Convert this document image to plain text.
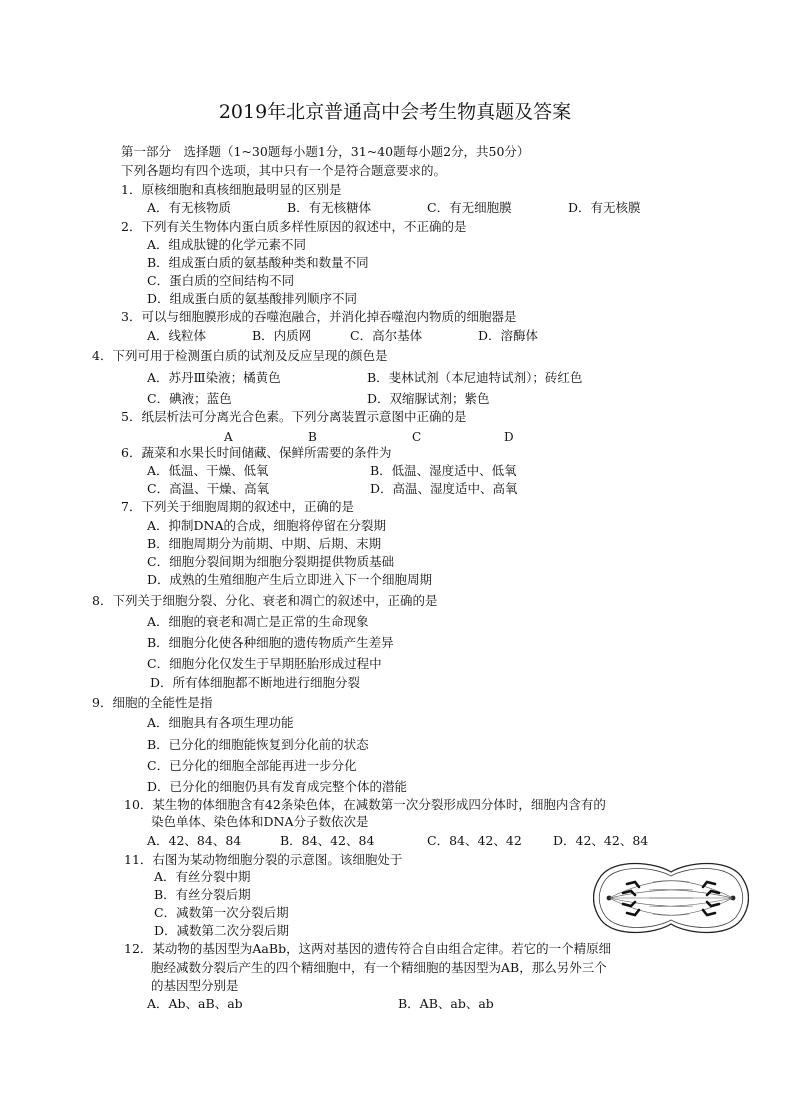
2019年北京普通高中会考生物真题及答案
第一部分　选择题（1~30题每小题1分，31~40题每小题2分，共50分）
下列各题均有四个选项，其中只有一个是符合题意要求的。
1．原核细胞和真核细胞最明显的区别是
A．有无核物质	B．有无核糖体	C．有无细胞膜	D．有无核膜
2．下列有关生物体内蛋白质多样性原因的叙述中，不正确的是
A．组成肽键的化学元素不同
B．组成蛋白质的氨基酸种类和数量不同
C．蛋白质的空间结构不同
D．组成蛋白质的氨基酸排列顺序不同
3．可以与细胞膜形成的吞噬泡融合，并消化掉吞噬泡内物质的细胞器是
A．线粒体	B．内质网	C．高尔基体	D．溶酶体
4．下列可用于检测蛋白质的试剂及反应呈现的颜色是
A．苏丹Ⅲ染液；橘黄色	B．斐林试剂（本尼迪特试剂）；砖红色
C．碘液；蓝色	D．双缩脲试剂；紫色
5．纸层析法可分离光合色素。下列分离装置示意图中正确的是
A	B	C	D
6．蔬菜和水果长时间储藏、保鲜所需要的条件为
A．低温、干燥、低氧	B．低温、湿度适中、低氧
C．高温、干燥、高氧	D．高温、湿度适中、高氧
7．下列关于细胞周期的叙述中，正确的是
A．抑制DNA的合成，细胞将停留在分裂期
B．细胞周期分为前期、中期、后期、末期
C．细胞分裂间期为细胞分裂期提供物质基础
D．成熟的生殖细胞产生后立即进入下一个细胞周期
8．下列关于细胞分裂、分化、衰老和凋亡的叙述中，正确的是
A．细胞的衰老和凋亡是正常的生命现象
B．细胞分化使各种细胞的遗传物质产生差异
C．细胞分化仅发生于早期胚胎形成过程中
D．所有体细胞都不断地进行细胞分裂
9．细胞的全能性是指
A．细胞具有各项生理功能
B．已分化的细胞能恢复到分化前的状态
C．已分化的细胞全部能再进一步分化
D．已分化的细胞仍具有发育成完整个体的潜能
10．某生物的体细胞含有42条染色体，在减数第一次分裂形成四分体时，细胞内含有的
染色单体、染色体和DNA分子数依次是
A．42、84、84	B．84、42、84	C．84、42、42 D．42、42、84
11．右图为某动物细胞分裂的示意图。该细胞处于
A．有丝分裂中期
B．有丝分裂后期
C．减数第一次分裂后期
D．减数第二次分裂后期
12．某动物的基因型为AaBb，这两对基因的遗传符合自由组合定律。若它的一个精原细
胞经减数分裂后产生的四个精细胞中，有一个精细胞的基因型为AB，那么另外三个
的基因型分别是
A．Ab、aB、ab	B．AB、ab、ab
